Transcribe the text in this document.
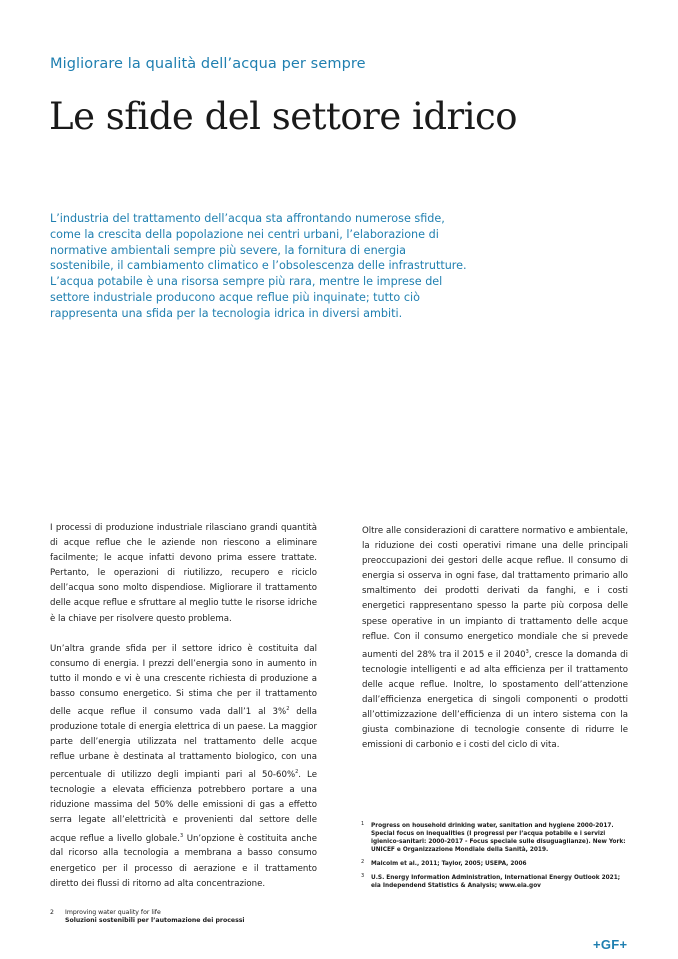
Migliorare la qualità dell’acqua per sempre
Le sfide del settore idrico
L’industria del trattamento dell’acqua sta affrontando numerose sfide, come la crescita della popolazione nei centri urbani, l’elaborazione di normative ambientali sempre più severe, la fornitura di energia sostenibile, il cambiamento climatico e l’obsolescenza delle infrastrutture. L’acqua potabile è una risorsa sempre più rara, mentre le imprese del settore industriale producono acque reflue più inquinate; tutto ciò rappresenta una sfida per la tecnologia idrica in diversi ambiti.

I processi di produzione industriale rilasciano grandi quantità di acque reflue che le aziende non riescono a eliminare facilmente; le acque infatti devono prima essere trattate. Pertanto, le operazioni di riutilizzo, recupero e riciclo dell’acqua sono molto dispendiose. Migliorare il trattamento delle acque reflue e sfruttare al meglio tutte le risorse idriche è la chiave per risolvere questo problema.

Un’altra grande sfida per il settore idrico è costituita dal consumo di energia. I prezzi dell’energia sono in aumento in tutto il mondo e vi è una crescente richiesta di produzione a basso consumo energetico. Si stima che per il trattamento delle acque reflue il consumo vada dall’1 al 3%$^2$ della produzione totale di energia elettrica di un paese. La maggior parte dell’energia utilizzata nel trattamento delle acque reflue urbane è destinata al trattamento biologico, con una percentuale di utilizzo degli impianti pari al 50-60%$^2$. Le tecnologie a elevata efficienza potrebbero portare a una riduzione massima del 50% delle emissioni di gas a effetto serra legate all’elettricità e provenienti dal settore delle acque reflue a livello globale.$^3$ Un’opzione è costituita anche dal ricorso alla tecnologia a membrana a basso consumo energetico per il processo di aerazione e il trattamento diretto dei flussi di ritorno ad alta concentrazione.

Oltre alle considerazioni di carattere normativo e ambientale, la riduzione dei costi operativi rimane una delle principali preoccupazioni dei gestori delle acque reflue. Il consumo di energia si osserva in ogni fase, dal trattamento primario allo smaltimento dei prodotti derivati da fanghi, e i costi energetici rappresentano spesso la parte più corposa delle spese operative in un impianto di trattamento delle acque reflue. Con il consumo energetico mondiale che si prevede aumenti del 28% tra il 2015 e il 2040$^3$, cresce la domanda di tecnologie intelligenti e ad alta efficienza per il trattamento delle acque reflue. Inoltre, lo spostamento dell’attenzione dall’efficienza energetica di singoli componenti o prodotti all’ottimizzazione dell’efficienza di un intero sistema con la giusta combinazione di tecnologie consente di ridurre le emissioni di carbonio e i costi del ciclo di vita.

1	Progress on household drinking water, sanitation and hygiene 2000-2017. Special focus on inequalities (I progressi per l’acqua potabile e i servizi igienico-sanitari: 2000-2017 - Focus speciale sulle disuguaglianze). New York: UNICEF e Organizzazione Mondiale della Sanità, 2019.
2	Malcolm et al., 2011; Taylor, 2005; USEPA, 2006
3	U.S. Energy Information Administration, International Energy Outlook 2021; eia Independend Statistics & Analysis; www.eia.gov
2	Improving water quality for life
Soluzioni sostenibili per l’automazione dei processi
+GF+
